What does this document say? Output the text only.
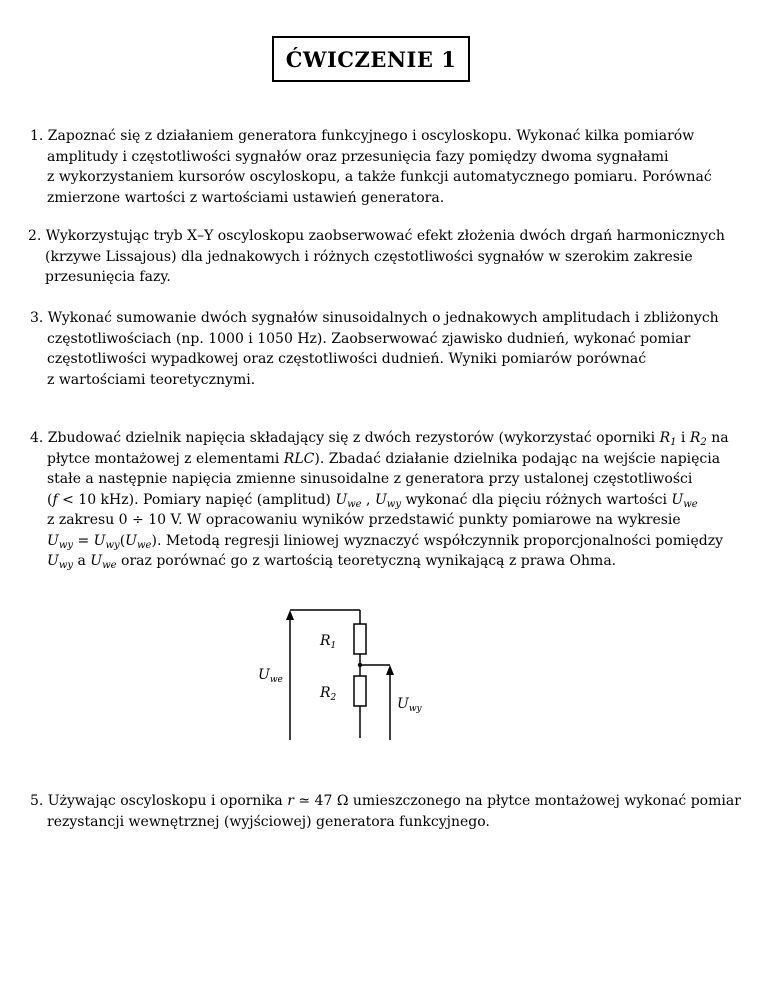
ĆWICZENIE 1
1. Zapoznać się z działaniem generatora funkcyjnego i oscyloskopu. Wykonać kilka pomiarów
amplitudy i częstotliwości sygnałów oraz przesunięcia fazy pomiędzy dwoma sygnałami
z wykorzystaniem kursorów oscyloskopu, a także funkcji automatycznego pomiaru. Porównać
zmierzone wartości z wartościami ustawień generatora.
2. Wykorzystując tryb X–Y oscyloskopu zaobserwować efekt złożenia dwóch drgań harmonicznych
(krzywe Lissajous) dla jednakowych i różnych częstotliwości sygnałów w szerokim zakresie
przesunięcia fazy.
3. Wykonać sumowanie dwóch sygnałów sinusoidalnych o jednakowych amplitudach i zbliżonych
częstotliwościach (np. 1000 i 1050 Hz). Zaobserwować zjawisko dudnień, wykonać pomiar
częstotliwości wypadkowej oraz częstotliwości dudnień. Wyniki pomiarów porównać
z wartościami teoretycznymi.
4. Zbudować dzielnik napięcia składający się z dwóch rezystorów (wykorzystać oporniki $R_1$ i $R_2$ na
płytce montażowej z elementami RLC). Zbadać działanie dzielnika podając na wejście napięcia
stałe a następnie napięcia zmienne sinusoidalne z generatora przy ustalonej częstotliwości
(f < 10 kHz). Pomiary napięć (amplitud) $U_{we}$ , $U_{wy}$ wykonać dla pięciu różnych wartości $U_{we}$
z zakresu 0 ÷ 10 V. W opracowaniu wyników przedstawić punkty pomiarowe na wykresie
$U_{wy} = U_{wy}(U_{we})$. Metodą regresji liniowej wyznaczyć współczynnik proporcjonalności pomiędzy
$U_{wy}$ a $U_{we}$ oraz porównać go z wartością teoretyczną wynikającą z prawa Ohma.
$R_1$
$R_2$
$U_{we}$
$U_{wy}$
5. Używając oscyloskopu i opornika r ≃ 47 Ω umieszczonego na płytce montażowej wykonać pomiar
rezystancji wewnętrznej (wyjściowej) generatora funkcyjnego.
